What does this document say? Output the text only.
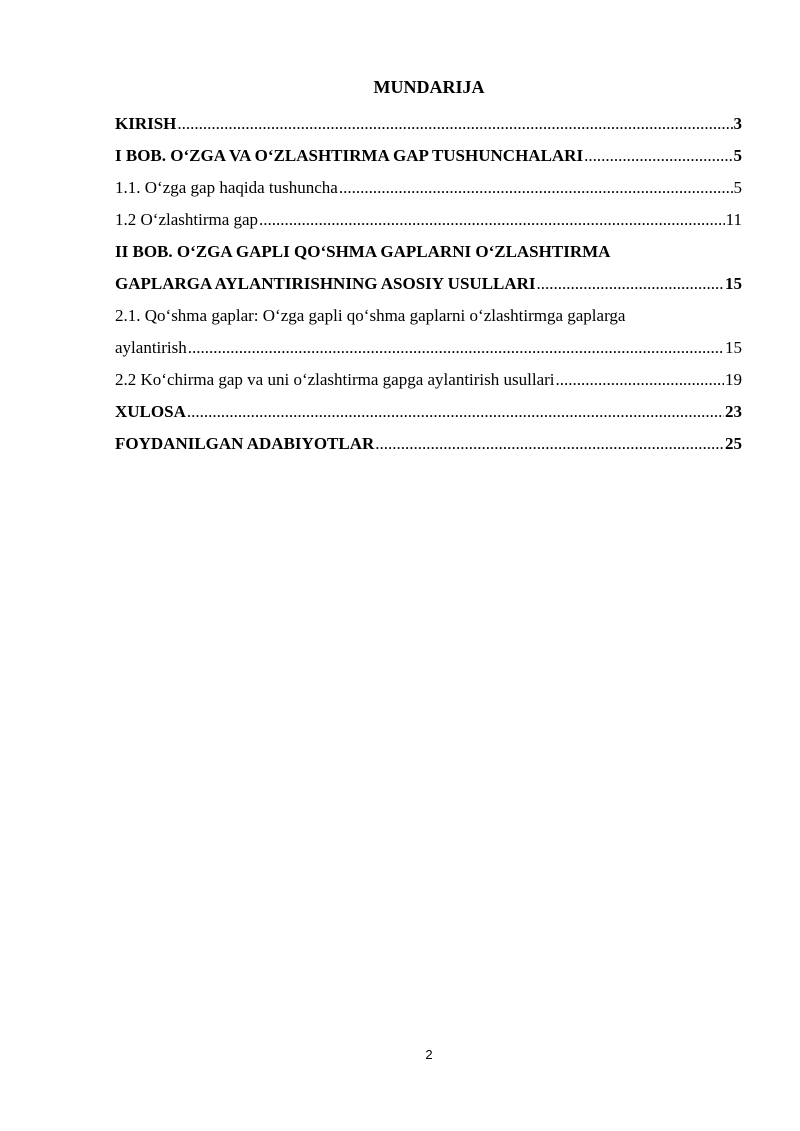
MUNDARIJA
KIRISH .....	3
I BOB. O‘ZGA VA O‘ZLASHTIRMA GAP TUSHUNCHALARI .....	5
1.1. O‘zga gap haqida tushuncha .....	5
1.2 O‘zlashtirma gap .....	11
II BOB. O‘ZGA GAPLI QO‘SHMA GAPLARNI O‘ZLASHTIRMA
GAPLARGA AYLANTIRISHNING ASOSIY USULLARI .....	15
2.1. Qo‘shma gaplar: O‘zga gapli qo‘shma gaplarni o‘zlashtirmga gaplarga
aylantirish .....	15
2.2 Ko‘chirma gap va uni o‘zlashtirma gapga aylantirish usullari .....	19
XULOSA .....	23
FOYDANILGAN ADABIYOTLAR .....	25
2
